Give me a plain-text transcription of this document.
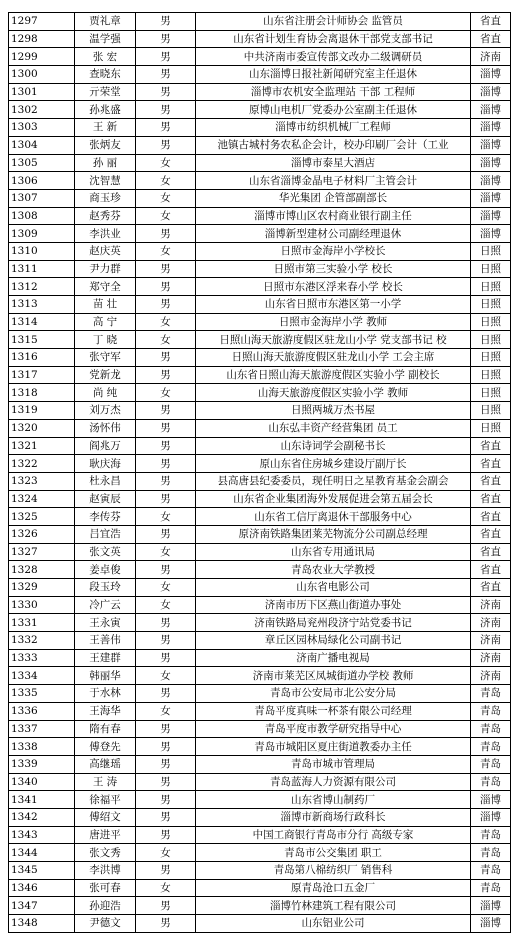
1297	贾礼章	男	山东省注册会计师协会 监管员	省直
1298	温学强	男	山东省计划生育协会离退休干部党支部书记	省直
1299	张 宏	男	中共济南市委宣传部文改办二级调研员	济南
1300	查晓东	男	山东淄博日报社新闻研究室主任退休	淄博
1301	亓荣堂	男	淄博市农机安全监理站 干部 工程师	淄博
1302	孙兆盛	男	原博山电机厂党委办公室副主任退休	淄博
1303	王 新	男	淄博市纺织机械厂工程师	淄博
1304	张炳友	男	池镇古城村务农私企会计，校办印刷厂会计（工业	淄博
1305	孙 丽	女	淄博市泰星大酒店	淄博
1306	沈智慧	女	山东省淄博金晶电子材料厂主管会计	淄博
1307	商玉珍	女	华光集团 企管部副部长	淄博
1308	赵秀芬	女	淄博市博山区农村商业银行副主任	淄博
1309	李洪业	男	淄博新型建材公司副经理退休	淄博
1310	赵庆英	女	日照市金海岸小学校长	日照
1311	尹力群	男	日照市第三实验小学 校长	日照
1312	郑守全	男	日照市东港区浮来春小学 校长	日照
1313	苗 壮	男	山东省日照市东港区第一小学	日照
1314	高 宁	女	日照市金海岸小学 教师	日照
1315	丁 晓	女	日照山海天旅游度假区驻龙山小学 党支部书记 校	日照
1316	张守军	男	日照山海天旅游度假区驻龙山小学 工会主席	日照
1317	党新龙	男	山东省日照山海天旅游度假区实验小学 副校长	日照
1318	尚 纯	女	山海天旅游度假区实验小学 教师	日照
1319	刘万杰	男	日照两城万杰书屋	日照
1320	汤怀伟	男	山东弘丰资产经营集团 员工	日照
1321	阎兆万	男	山东诗词学会副秘书长	省直
1322	耿庆海	男	原山东省住房城乡建设厅副厅长	省直
1323	杜永昌	男	县高唐县纪委委员，现任明日之星教育基金会副会	省直
1324	赵寅辰	男	山东省企业集团海外发展促进会第五届会长	省直
1325	李传芬	女	山东省工信厅离退休干部服务中心	省直
1326	吕宜浩	男	原济南铁路集团莱芜物流分公司副总经理	省直
1327	张文英	女	山东省专用通讯局	省直
1328	姜卓俊	男	青岛农业大学教授	省直
1329	段玉玲	女	山东省电影公司	省直
1330	冷广云	女	济南市历下区燕山街道办事处	济南
1331	王永寅	男	济南铁路局兖州段济宁站党委书记	济南
1332	王善伟	男	章丘区园林局绿化公司副书记	济南
1333	王建群	男	济南广播电视局	济南
1334	韩丽华	女	济南市莱芜区凤城街道办学校 教师	济南
1335	于水林	男	青岛市公安局市北公安分局	青岛
1336	王海华	女	青岛平度真味一杯茶有限公司经理	青岛
1337	隋有春	男	青岛平度市教学研究指导中心	青岛
1338	傅登先	男	青岛市城阳区夏庄街道教委办主任	青岛
1339	高继瑶	男	青岛市城市管理局	青岛
1340	王 涛	男	青岛蓝海人力资源有限公司	青岛
1341	徐福平	男	山东省博山制药厂	淄博
1342	傅绍文	男	淄博市新商场行政科长	淄博
1343	唐进平	男	中国工商银行青岛市分行 高级专家	青岛
1344	张文秀	女	青岛市公交集团 职工	青岛
1345	李洪博	男	青岛第八棉纺织厂 销售科	青岛
1346	张可春	女	原青岛沧口五金厂	青岛
1347	孙迎浩	男	淄博竹林建筑工程有限公司	淄博
1348	尹德文	男	山东铝业公司	淄博
